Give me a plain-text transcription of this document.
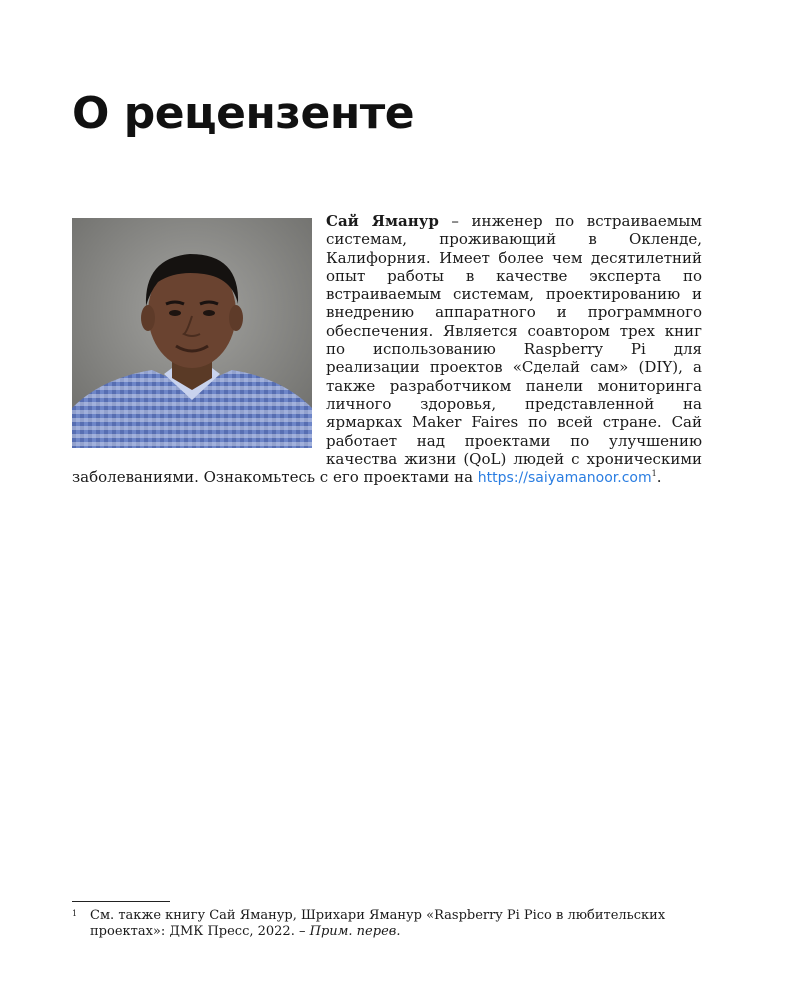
О рецензенте

Сай Яманур – инженер по встраиваемым системам, проживающий в Окленде, Калифорния. Имеет более чем десятилетний опыт работы в качестве эксперта по встраиваемым системам, проектированию и внедрению аппаратного и программного обеспечения. Является соавтором трех книг по использованию Raspberry Pi для реализации проектов «Сделай сам» (DIY), а также разработчиком панели мониторинга личного здоровья, представленной на ярмарках Maker Faires по всей стране. Сай работает над проектами по улучшению качества жизни (QoL) людей с хроническими заболеваниями. Ознакомьтесь с его проектами на https://saiyamanoor.com$^1$.

1 См. также книгу Сай Яманур, Шрихари Яманур «Raspberry Pi Pico в любительских проектах»: ДМК Пресс, 2022. – Прим. перев.
